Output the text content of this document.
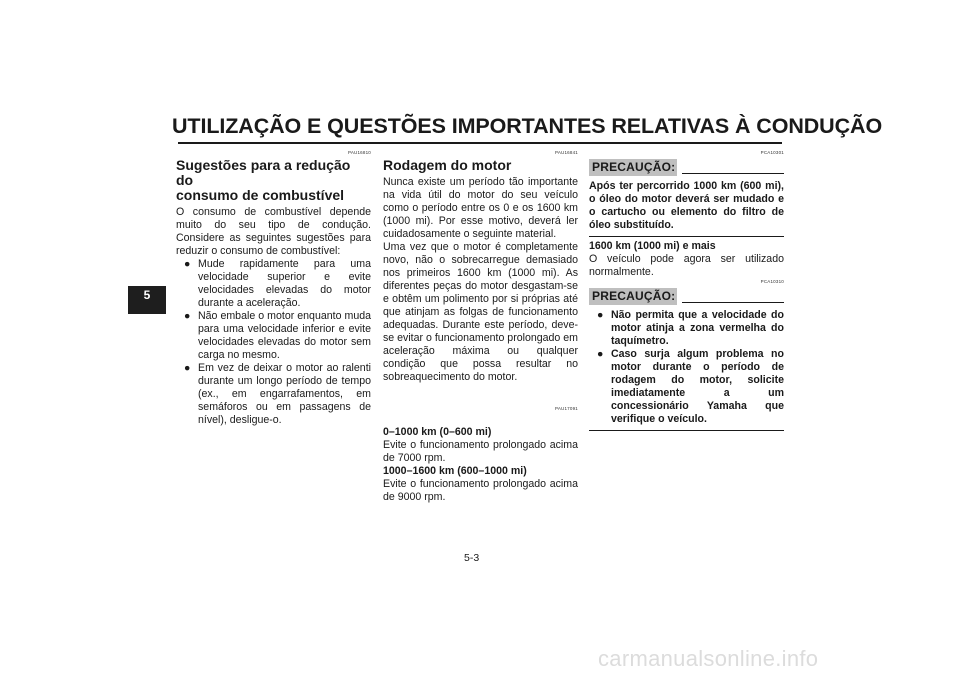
UTILIZAÇÃO E QUESTÕES IMPORTANTES RELATIVAS À CONDUÇÃO
5
PAU16810
Sugestões para a redução do
consumo de combustível

O consumo de combustível depende muito do seu tipo de condução. Considere as seguintes sugestões para reduzir o consumo de combustível:

● Mude rapidamente para uma velocidade superior e evite velocidades elevadas do motor durante a aceleração.
● Não embale o motor enquanto muda para uma velocidade inferior e evite velocidades elevadas do motor sem carga no mesmo.
● Em vez de deixar o motor ao ralenti durante um longo período de tempo (ex., em engarrafamentos, em semáforos ou em passagens de nível), desligue-o.
PAU16841
Rodagem do motor

Nunca existe um período tão importante na vida útil do motor do seu veículo como o período entre os 0 e os 1600 km (1000 mi). Por esse motivo, deverá ler cuidadosamente o seguinte material.

Uma vez que o motor é completamente novo, não o sobrecarregue demasiado nos primeiros 1600 km (1000 mi). As diferentes peças do motor desgastam-se e obtêm um polimento por si próprias até que atinjam as folgas de funcionamento adequadas. Durante este período, deve-se evitar o funcionamento prolongado em aceleração máxima ou qualquer condição que possa resultar no sobreaquecimento do motor.

PAU17091

0–1000 km (0–600 mi)

Evite o funcionamento prolongado acima de 7000 rpm.

1000–1600 km (600–1000 mi)

Evite o funcionamento prolongado acima de 9000 rpm.

PCA10301
PRECAUÇÃO:

Após ter percorrido 1000 km (600 mi), o óleo do motor deverá ser mudado e o cartucho ou elemento do filtro de óleo substituído.

1600 km (1000 mi) e mais

O veículo pode agora ser utilizado normalmente.

PCA10310
PRECAUÇÃO:
● Não permita que a velocidade do motor atinja a zona vermelha do taquímetro.
● Caso surja algum problema no motor durante o período de rodagem do motor, solicite imediatamente a um concessionário Yamaha que verifique o veículo.
5-3
carmanualsonline.info
